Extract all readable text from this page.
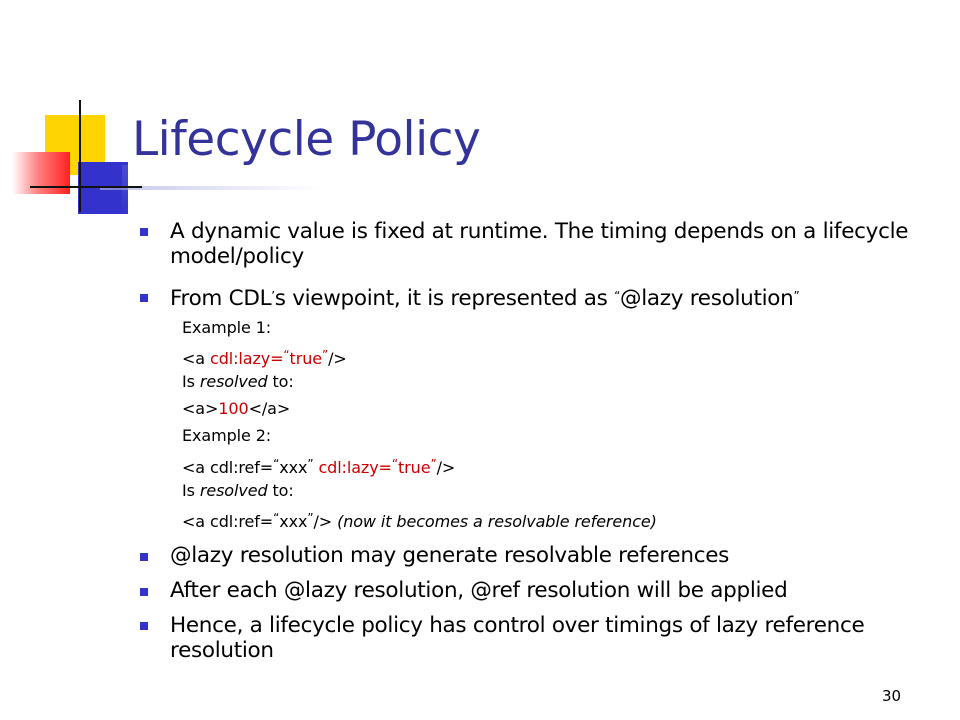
Lifecycle Policy
A dynamic value is fixed at runtime. The timing depends on a lifecycle model/policy
From CDL’s viewpoint, it is represented as “@lazy resolution”
Example 1:
<a cdl:lazy=“true”/>
Is resolved to:
<a>100</a>
Example 2:
<a cdl:ref=“xxx” cdl:lazy=“true”/>
Is resolved to:
<a cdl:ref=“xxx”/> (now it becomes a resolvable reference)
@lazy resolution may generate resolvable references
After each @lazy resolution, @ref resolution will be applied
Hence, a lifecycle policy has control over timings of lazy reference resolution
30
